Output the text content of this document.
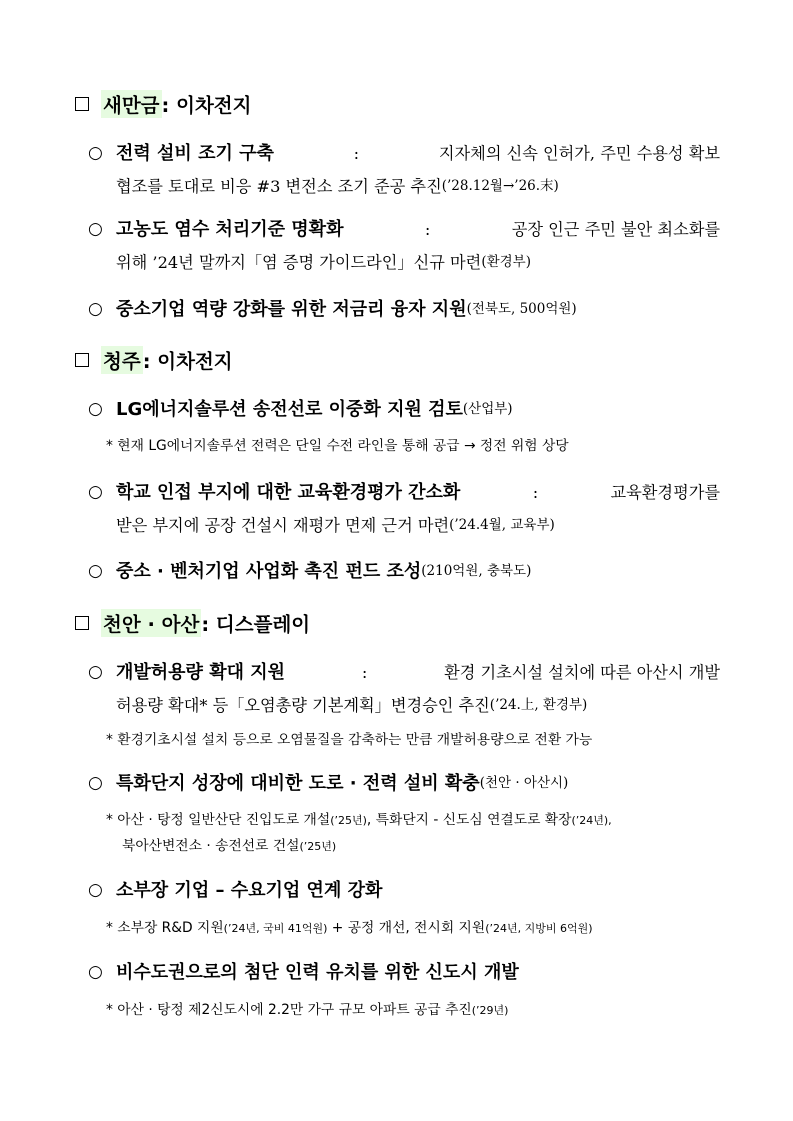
새만금 : 이차전지
○ 전력 설비 조기 구축	:	지자체의 신속 인허가, 주민 수용성 확보
협조를 토대로 비응 #3 변전소 조기 준공 추진 (’28.12월→’26.末)
○ 고농도 염수 처리기준 명확화	:	공장 인근 주민 불안 최소화를
위해 ’24년 말까지「염 증명 가이드라인」신규 마련 (환경부)
○ 중소기업 역량 강화를 위한 저금리 융자 지원 (전북도, 500억원)
청주 : 이차전지
○ LG에너지솔루션 송전선로 이중화 지원 검토 (산업부)
* 현재 LG에너지솔루션 전력은 단일 수전 라인을 통해 공급 → 정전 위험 상당
○ 학교 인접 부지에 대한 교육환경평가 간소화	:	교육환경평가를
받은 부지에 공장 건설시 재평가 면제 근거 마련 (’24.4월, 교육부)
○ 중소 · 벤처기업 사업화 촉진 펀드 조성 (210억원, 충북도)
천안 · 아산 : 디스플레이
○ 개발허용량 확대 지원	:	환경 기초시설 설치에 따른 아산시 개발
허용량 확대* 등「오염총량 기본계획」변경승인 추진 (’24.上, 환경부)
* 환경기초시설 설치 등으로 오염물질을 감축하는 만큼 개발허용량으로 전환 가능
○ 특화단지 성장에 대비한 도로 · 전력 설비 확충 (천안 · 아산시)
* 아산 · 탕정 일반산단 진입도로 개설(’25년), 특화단지 - 신도심 연결도로 확장(’24년),
북아산변전소 · 송전선로 건설(’25년)
○ 소부장 기업 – 수요기업 연계 강화
* 소부장 R&D 지원(’24년, 국비 41억원) + 공정 개선, 전시회 지원(’24년, 지방비 6억원)
○ 비수도권으로의 첨단 인력 유치를 위한 신도시 개발
* 아산 · 탕정 제2신도시에 2.2만 가구 규모 아파트 공급 추진(’29년)
